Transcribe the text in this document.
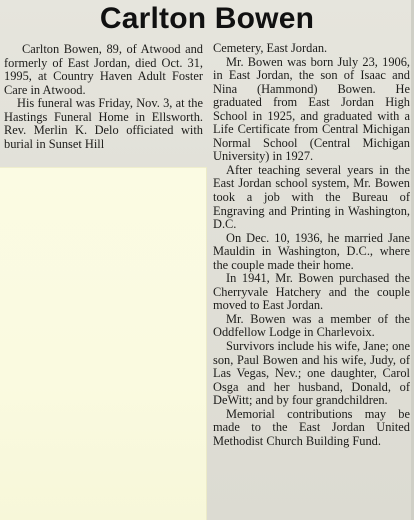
Carlton Bowen

Carlton Bowen, 89, of Atwood and formerly of East Jordan, died Oct. 31, 1995, at Country Haven Adult Foster Care in Atwood.

His funeral was Friday, Nov. 3, at the Hastings Funeral Home in Ellsworth. Rev. Merlin K. Delo officiated with burial in Sunset Hill

Cemetery, East Jordan.

Mr. Bowen was born July 23, 1906, in East Jordan, the son of Isaac and Nina (Hammond) Bowen. He graduated from East Jordan High School in 1925, and graduated with a Life Certificate from Central Michigan Normal School (Central Michigan University) in 1927.

After teaching several years in the East Jordan school system, Mr. Bowen took a job with the Bureau of Engraving and Printing in Washington, D.C.

On Dec. 10, 1936, he married Jane Mauldin in Washington, D.C., where the couple made their home.

In 1941, Mr. Bowen purchased the Cherryvale Hatchery and the couple moved to East Jordan.

Mr. Bowen was a member of the Oddfellow Lodge in Charlevoix.

Survivors include his wife, Jane; one son, Paul Bowen and his wife, Judy, of Las Vegas, Nev.; one daughter, Carol Osga and her husband, Donald, of DeWitt; and by four grandchildren.

Memorial contributions may be made to the East Jordan United Methodist Church Building Fund.
